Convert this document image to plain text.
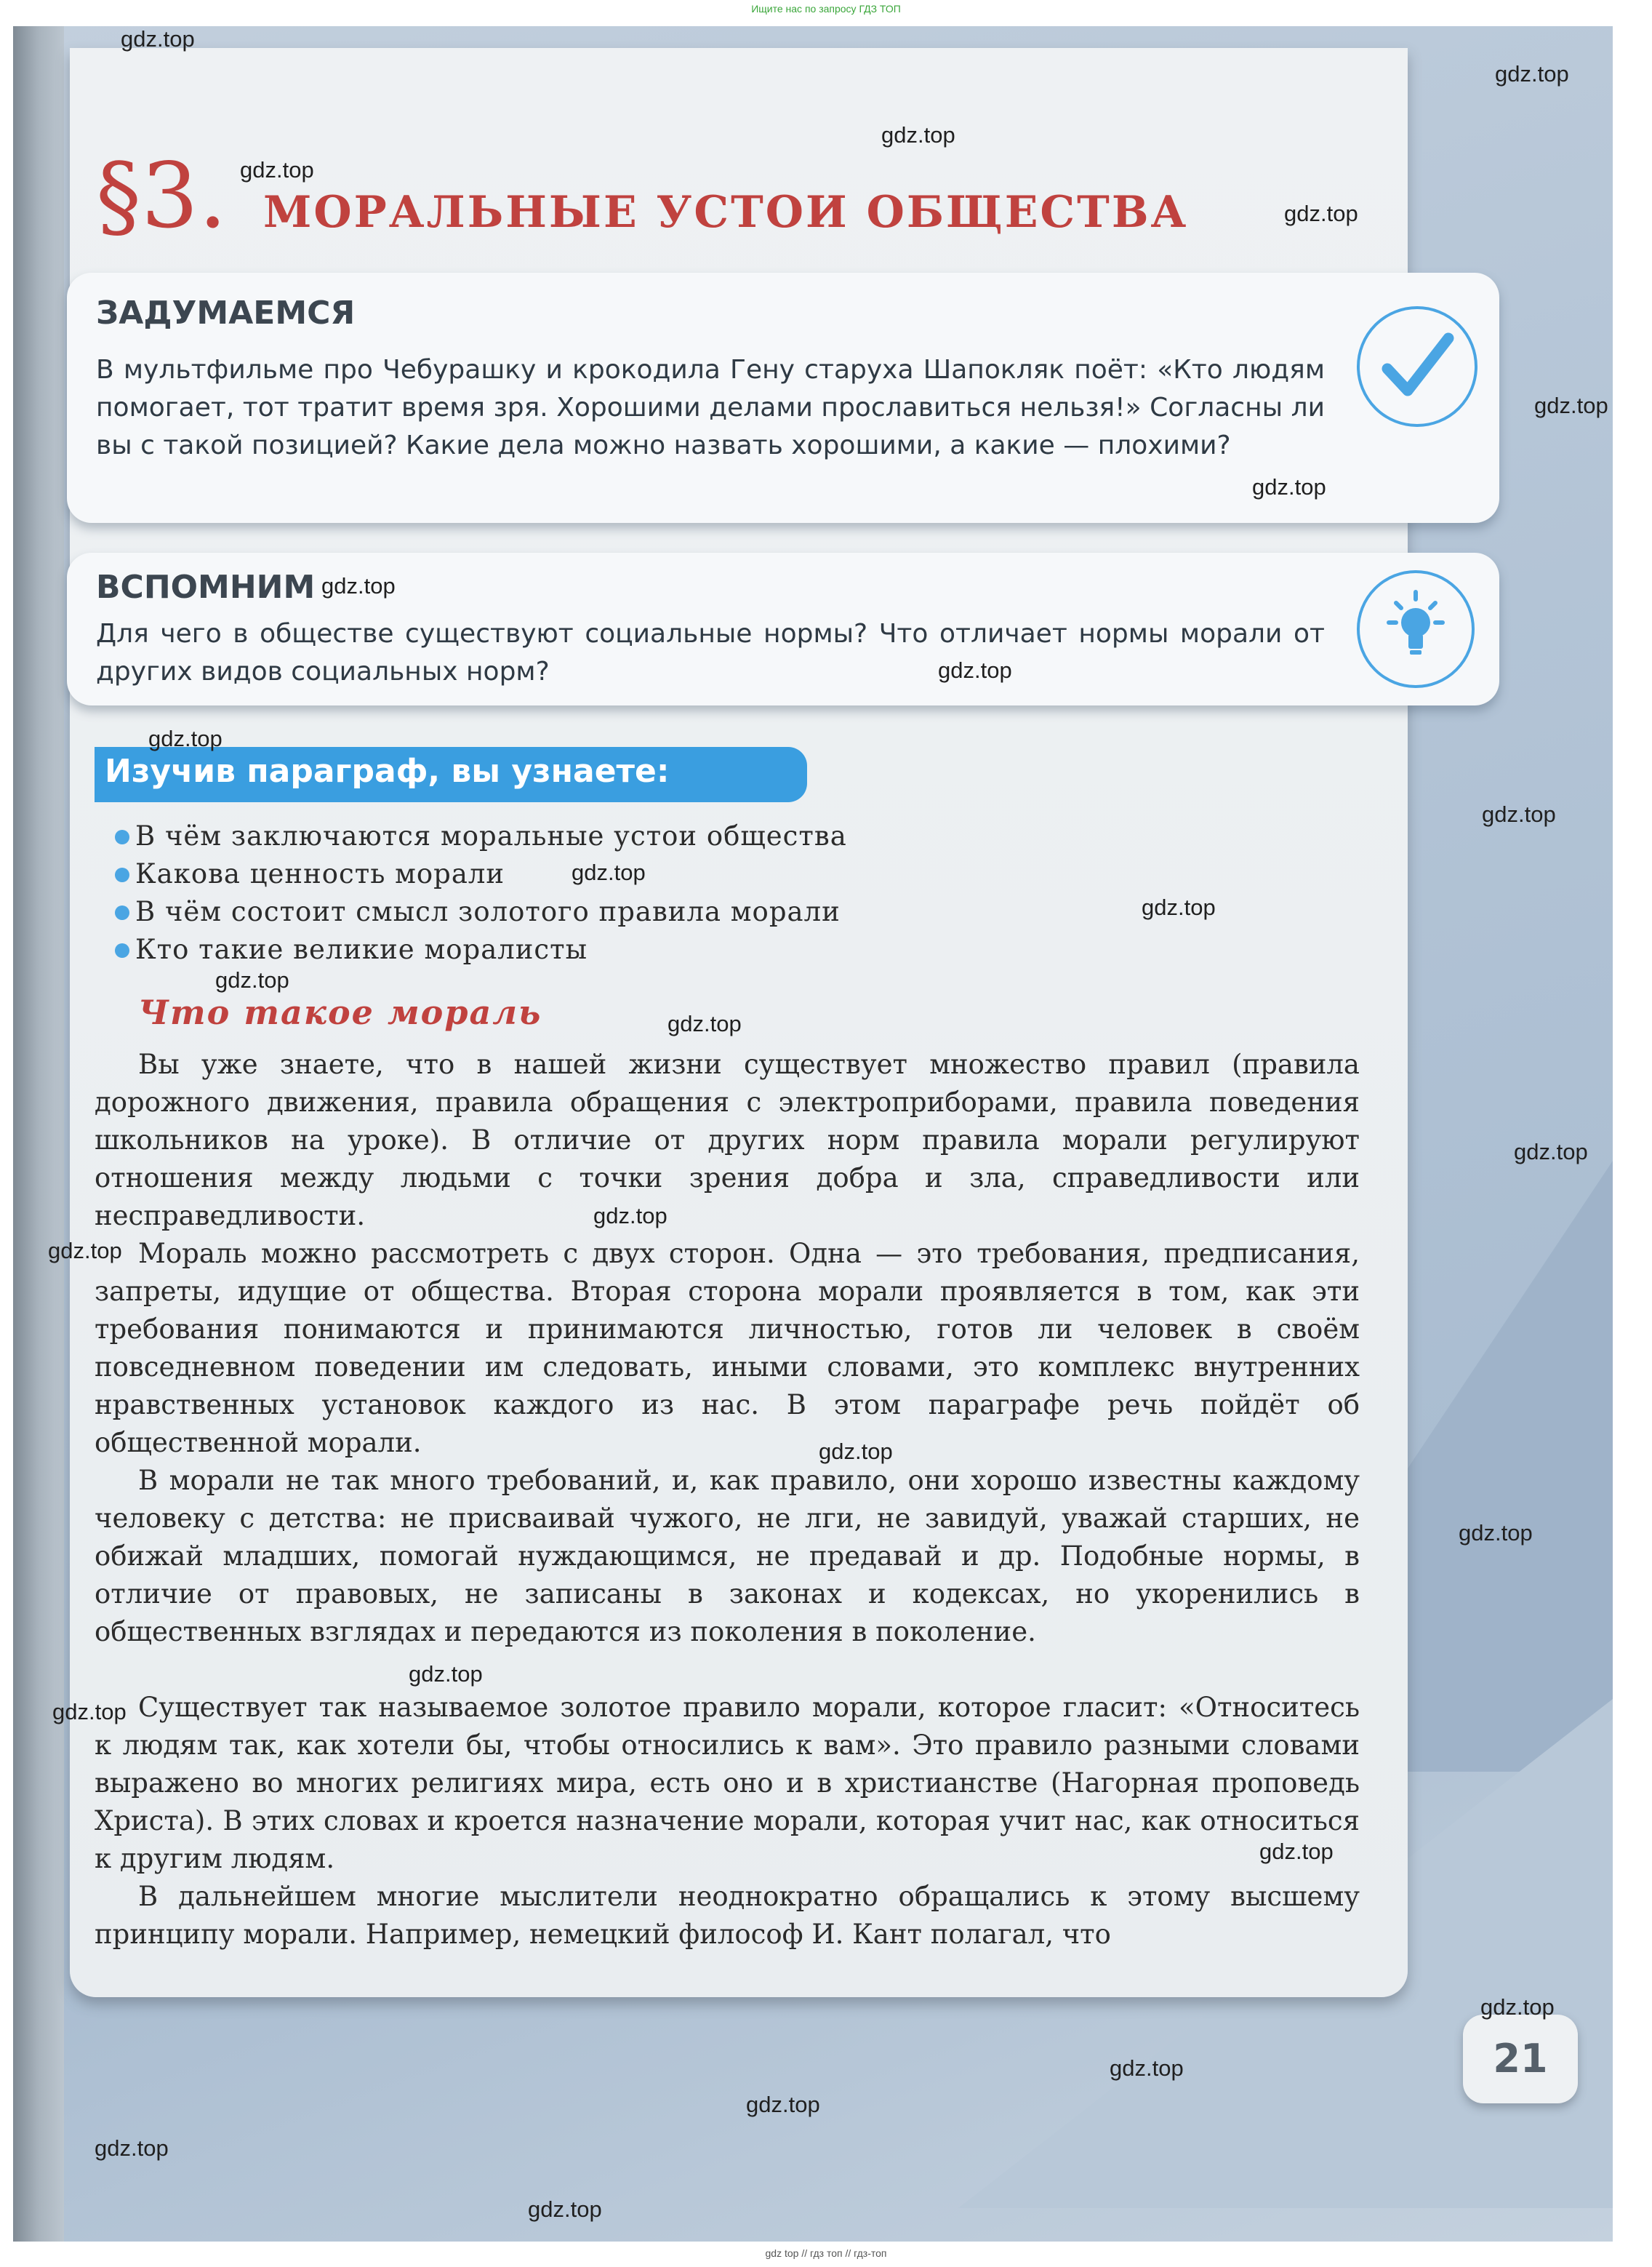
Ищите нас по запросу ГДЗ ТОП
§3. МОРАЛЬНЫЕ УСТОИ ОБЩЕСТВА
ЗАДУМАЕМСЯ
В мультфильме про Чебурашку и крокодила Гену старуха Шапокляк поёт: «Кто людям помогает, тот тратит время зря. Хорошими делами прославиться нельзя!» Согласны ли вы с такой позицией? Какие дела можно назвать хорошими, а какие — плохими?
ВСПОМНИМ
Для чего в обществе существуют социальные нормы? Что отличает нормы морали от других видов социальных норм?
Изучив параграф, вы узнаете:
В чём заключаются моральные устои общества
Какова ценность морали
В чём состоит смысл золотого правила морали
Кто такие великие моралисты
Что такое мораль

Вы уже знаете, что в нашей жизни существует множество правил (правила дорожного движения, правила обращения с электроприборами, правила поведения школьников на уроке). В отличие от других норм правила морали регулируют отношения между людьми с точки зрения добра и зла, справедливости или несправедливости.

Мораль можно рассмотреть с двух сторон. Одна — это требования, предписания, запреты, идущие от общества. Вторая сторона морали проявляется в том, как эти требования понимаются и принимаются личностью, готов ли человек в своём повседневном поведении им следовать, иными словами, это комплекс внутренних нравственных установок каждого из нас. В этом параграфе речь пойдёт об общественной морали.

В морали не так много требований, и, как правило, они хорошо известны каждому человеку с детства: не присваивай чужого, не лги, не завидуй, уважай старших, не обижай младших, помогай нуждающимся, не предавай и др. Подобные нормы, в отличие от правовых, не записаны в законах и кодексах, но укоренились в общественных взглядах и передаются из поколения в поколение.

Существует так называемое золотое правило морали, которое гласит: «Относитесь к людям так, как хотели бы, чтобы относились к вам». Это правило разными словами выражено во многих религиях мира, есть оно и в христианстве (Нагорная проповедь Христа). В этих словах и кроется назначение морали, которая учит нас, как относиться к другим людям.

В дальнейшем многие мыслители неоднократно обращались к этому высшему принципу морали. Например, немецкий философ И. Кант полагал, что

21
gdz.top
gdz.top
gdz.top
gdz.top
gdz.top
gdz.top
gdz.top
gdz.top
gdz.top
gdz.top
gdz.top
gdz.top
gdz.top
gdz.top
gdz.top
gdz.top
gdz.top
gdz.top
gdz.top
gdz.top
gdz.top
gdz.top
gdz.top
gdz.top
gdz.top
gdz.top
gdz.top
gdz.top
gdz top // гдз топ // гдз-топ
